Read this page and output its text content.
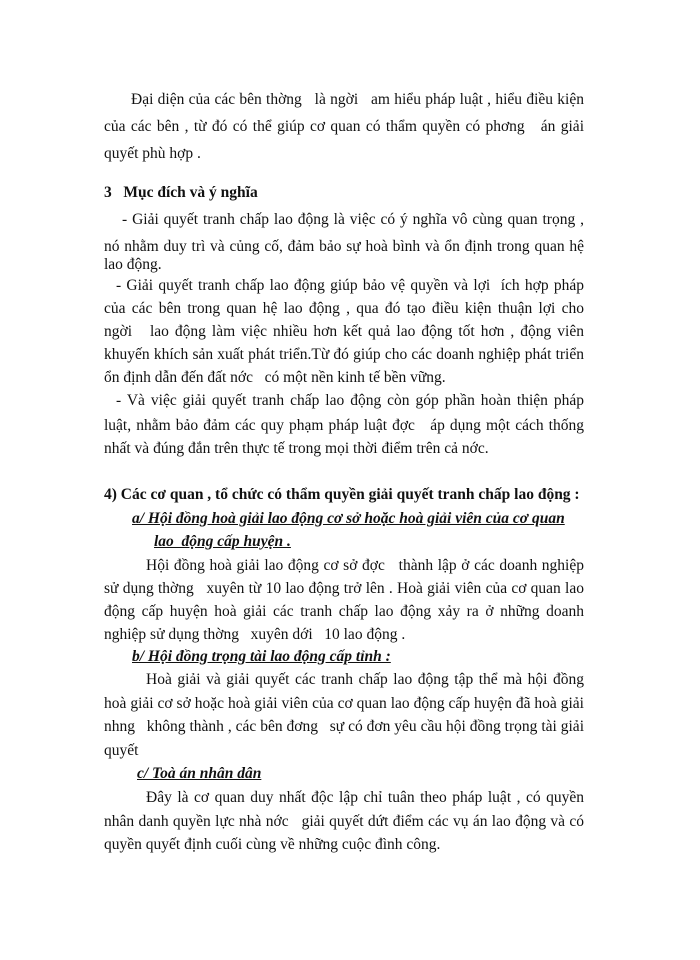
Đại diện của các bên thờng   là ngời   am hiểu pháp luật , hiểu điều kiện
của các bên , từ đó có thể giúp cơ quan có thẩm quyền có phơng   án giải
quyết phù hợp .
3   Mục đích và ý nghĩa
- Giải quyết tranh chấp lao động là việc có ý nghĩa vô cùng quan trọng ,
nó nhằm duy trì và củng cố, đảm bảo sự hoà bình và ổn định trong quan hệ
lao động.
- Giải quyết tranh chấp lao động giúp bảo vệ quyền và lợi  ích hợp pháp
của các bên trong quan hệ lao động , qua đó tạo điều kiện thuận lợi cho
ngời   lao động làm việc nhiều hơn kết quả lao động tốt hơn , động viên
khuyến khích sản xuất phát triển.Từ đó giúp cho các doanh nghiệp phát triển
ổn định dẫn đến đất nớc   có một nền kinh tế bền vững.
- Và việc giải quyết tranh chấp lao động còn góp phần hoàn thiện pháp
luật, nhằm bảo đảm các quy phạm pháp luật đợc   áp dụng một cách thống
nhất và đúng đắn trên thực tế trong mọi thời điểm trên cả nớc.
4) Các cơ quan , tổ chức có thẩm quyền giải quyết tranh chấp lao động :
a/ Hội đồng hoà giải lao động cơ sở hoặc hoà giải viên của cơ quan
lao  động cấp huyện .
Hội đồng hoà giải lao động cơ sở đợc   thành lập ở các doanh nghiệp
sử dụng thờng   xuyên từ 10 lao động trở lên . Hoà giải viên của cơ quan lao
động cấp huyện hoà giải các tranh chấp lao động xảy ra ở những doanh
nghiệp sử dụng thờng   xuyên dới   10 lao động .
b/ Hội đồng trọng tài lao động cấp tỉnh :
Hoà giải và giải quyết các tranh chấp lao động tập thể mà hội đồng
hoà giải cơ sở hoặc hoà giải viên của cơ quan lao động cấp huyện đã hoà giải
nhng   không thành , các bên đơng   sự có đơn yêu cầu hội đồng trọng tài giải
quyết
c/ Toà án nhân dân
Đây là cơ quan duy nhất độc lập chỉ tuân theo pháp luật , có quyền
nhân danh quyền lực nhà nớc   giải quyết dứt điểm các vụ án lao động và có
quyền quyết định cuối cùng về những cuộc đình công.
